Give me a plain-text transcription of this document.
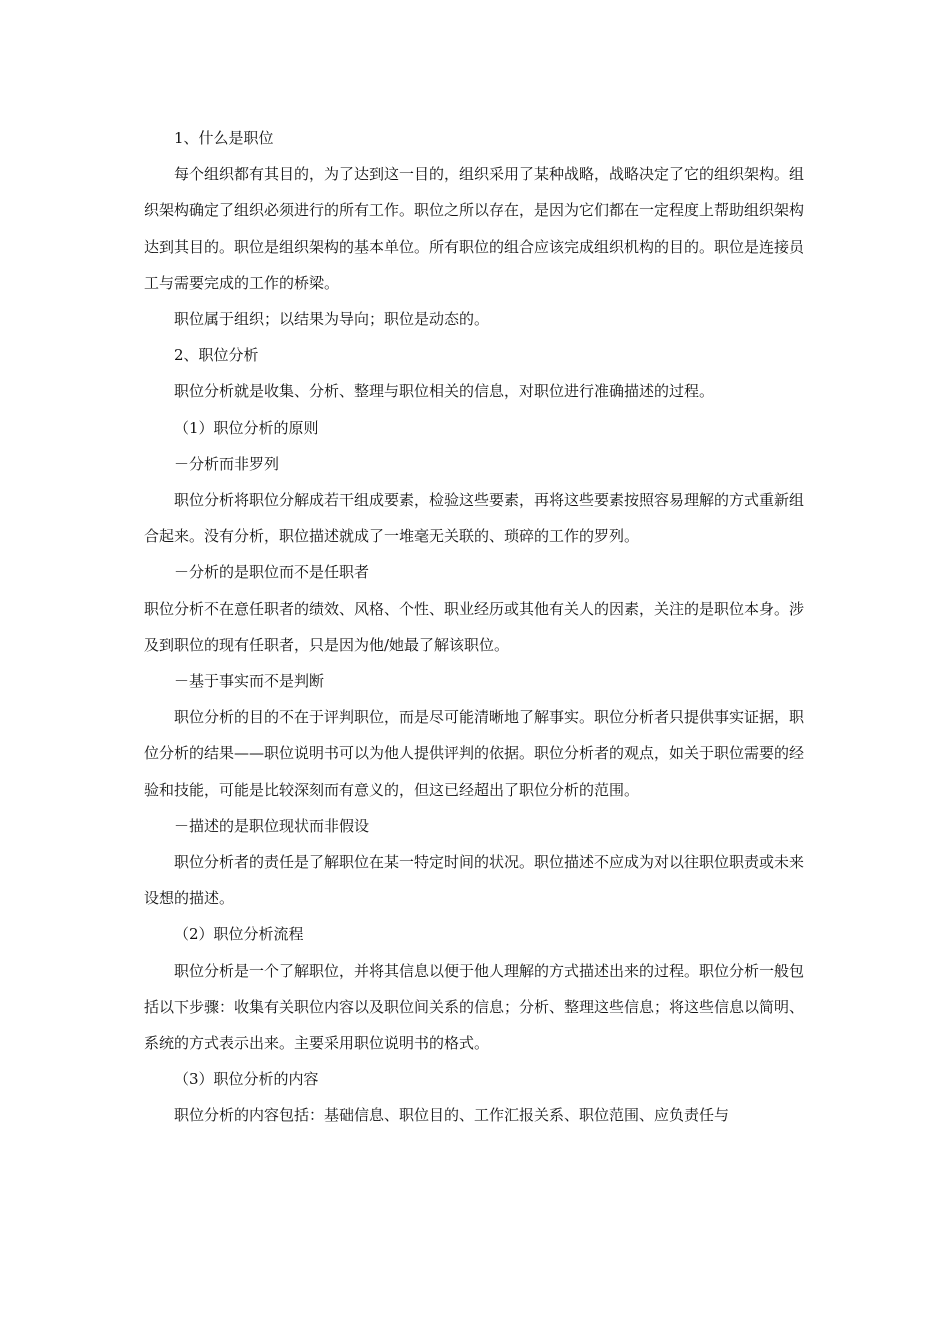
1、什么是职位

每个组织都有其目的，为了达到这一目的，组织采用了某种战略，战略决定了它的组织架构。组织架构确定了组织必须进行的所有工作。职位之所以存在，是因为它们都在一定程度上帮助组织架构达到其目的。职位是组织架构的基本单位。所有职位的组合应该完成组织机构的目的。职位是连接员工与需要完成的工作的桥梁。

职位属于组织；以结果为导向；职位是动态的。

2、职位分析

职位分析就是收集、分析、整理与职位相关的信息，对职位进行准确描述的过程。

（1）职位分析的原则

－分析而非罗列

职位分析将职位分解成若干组成要素，检验这些要素，再将这些要素按照容易理解的方式重新组合起来。没有分析，职位描述就成了一堆毫无关联的、琐碎的工作的罗列。

－分析的是职位而不是任职者

职位分析不在意任职者的绩效、风格、个性、职业经历或其他有关人的因素，关注的是职位本身。涉及到职位的现有任职者，只是因为他/她最了解该职位。

－基于事实而不是判断

职位分析的目的不在于评判职位，而是尽可能清晰地了解事实。职位分析者只提供事实证据，职位分析的结果——职位说明书可以为他人提供评判的依据。职位分析者的观点，如关于职位需要的经验和技能，可能是比较深刻而有意义的，但这已经超出了职位分析的范围。

－描述的是职位现状而非假设

职位分析者的责任是了解职位在某一特定时间的状况。职位描述不应成为对以往职位职责或未来设想的描述。

（2）职位分析流程

职位分析是一个了解职位，并将其信息以便于他人理解的方式描述出来的过程。职位分析一般包括以下步骤：收集有关职位内容以及职位间关系的信息；分析、整理这些信息；将这些信息以简明、系统的方式表示出来。主要采用职位说明书的格式。

（3）职位分析的内容

职位分析的内容包括：基础信息、职位目的、工作汇报关系、职位范围、应负责任与
